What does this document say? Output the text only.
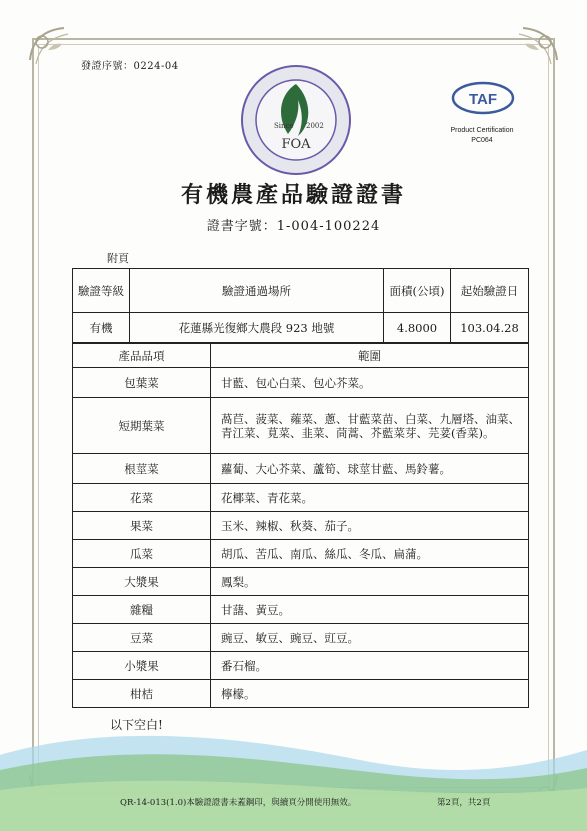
發證序號：0224-04
Since 2002
FOA
TAF
Product Certification
PC064
有機農產品驗證證書
證書字號：1-004-100224
附頁
驗證等級	驗證通過場所	面積(公頃)	起始驗證日
有機	花蓮縣光復鄉大農段 923 地號	4.8000	103.04.28
產品品項	範圍
包葉菜	甘藍、包心白菜、包心芥菜。
短期葉菜	萵苣、菠菜、蕹菜、蔥、甘藍菜苗、白菜、九層塔、油菜、青江菜、莧菜、韭菜、茼蒿、芥藍菜芽、芫荽(香菜)。
根莖菜	蘿蔔、大心芥菜、蘆筍、球莖甘藍、馬鈴薯。
花菜	花椰菜、青花菜。
果菜	玉米、辣椒、秋葵、茄子。
瓜菜	胡瓜、苦瓜、南瓜、絲瓜、冬瓜、扁蒲。
大漿果	鳳梨。
雜糧	甘藷、黃豆。
豆菜	豌豆、敏豆、豌豆、豇豆。
小漿果	番石榴。
柑桔	檸檬。
以下空白!
QR-14-013(1.0)本驗證證書未蓋鋼印，與續頁分開使用無效。	第2頁，共2頁
